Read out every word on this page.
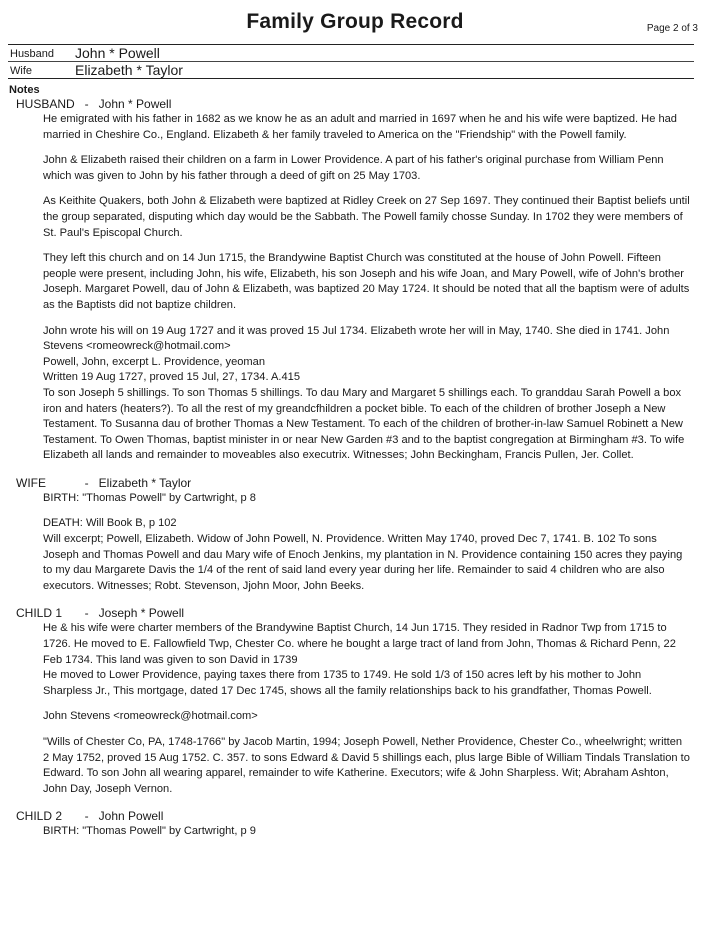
Family Group Record	Page 2 of 3
Husband	John * Powell
Wife	Elizabeth * Taylor
Notes
HUSBAND  -   John * Powell

He emigrated with his father in 1682 as we know he as an adult and married in 1697 when he and his wife were baptized. He had married in Cheshire Co., England. Elizabeth & her family traveled to America on the "Friendship" with the Powell family.

John & Elizabeth raised their children on a farm in Lower Providence. A part of his father's original purchase from William Penn which was given to John by his father through a deed of gift on 25 May 1703.

As Keithite Quakers, both John & Elizabeth were baptized at Ridley Creek on 27 Sep 1697. They continued their Baptist beliefs until the group separated, disputing which day would be the Sabbath. The Powell family chosse Sunday. In 1702 they were members of St. Paul's Episcopal Church.

They left this church and on 14 Jun 1715, the Brandywine Baptist Church was constituted at the house of John Powell. Fifteen people were present, including John, his wife, Elizabeth, his son Joseph and his wife Joan, and Mary Powell, wife of John's brother Joseph. Margaret Powell, dau of John & Elizabeth, was baptized 20 May 1724. It should be noted that all the baptism were of adults as the Baptists did not baptize children.

John wrote his will on 19 Aug 1727 and it was proved 15 Jul 1734. Elizabeth wrote her will in May, 1740. She died in 1741. John Stevens <romeowreck@hotmail.com>

Powell, John, excerpt L. Providence, yeoman

Written 19 Aug 1727, proved 15 Jul, 27, 1734. A.415

To son Joseph 5 shillings. To son Thomas 5 shillings. To dau Mary and Margaret 5 shillings each. To granddau Sarah Powell a box iron and haters (heaters?). To all the rest of my greandcfhildren a pocket bible. To each of the children of brother Joseph a New Testament. To Susanna dau of brother Thomas a New Testament. To each of the children of brother-in-law Samuel Robinett a New Testament. To Owen Thomas, baptist minister in or near New Garden #3 and to the baptist congregation at Birmingham #3. To wife Elizabeth all lands and remainder to moveables also executrix. Witnesses; John Beckingham, Francis Pullen, Jer. Collet.

WIFE	-   Elizabeth * Taylor

BIRTH: "Thomas Powell" by Cartwright, p 8

DEATH: Will Book B, p 102

Will excerpt; Powell, Elizabeth. Widow of John Powell, N. Providence. Written May 1740, proved Dec 7, 1741. B. 102 To sons Joseph and Thomas Powell and dau Mary wife of Enoch Jenkins, my plantation in N. Providence containing 150 acres they paying to my dau Margarete Davis the 1/4 of the rent of said land every year during her life. Remainder to said 4 children who are also executors. Witnesses; Robt. Stevenson, Jjohn Moor, John Beeks.

CHILD 1  -   Joseph * Powell

He & his wife were charter members of the Brandywine Baptist Church, 14 Jun 1715. They resided in Radnor Twp from 1715 to 1726. He moved to E. Fallowfield Twp, Chester Co. where he bought a large tract of land from John, Thomas & Richard Penn, 22 Feb 1734. This land was given to son David in 1739

He moved to Lower Providence, paying taxes there from 1735 to 1749. He sold 1/3 of 150 acres left by his mother to John Sharpless Jr., This mortgage, dated 17 Dec 1745, shows all the family relationships back to his grandfather, Thomas Powell.

John Stevens <romeowreck@hotmail.com>

"Wills of Chester Co, PA, 1748-1766" by Jacob Martin, 1994; Joseph Powell, Nether Providence, Chester Co., wheelwright; written 2 May 1752, proved 15 Aug 1752. C. 357. to sons Edward & David 5 shillings each, plus large Bible of William Tindals Translation to Edward. To son John all wearing apparel, remainder to wife Katherine. Executors; wife & John Sharpless. Wit; Abraham Ashton, John Day, Joseph Vernon.

CHILD 2  -   John Powell

BIRTH: "Thomas Powell" by Cartwright, p 9
